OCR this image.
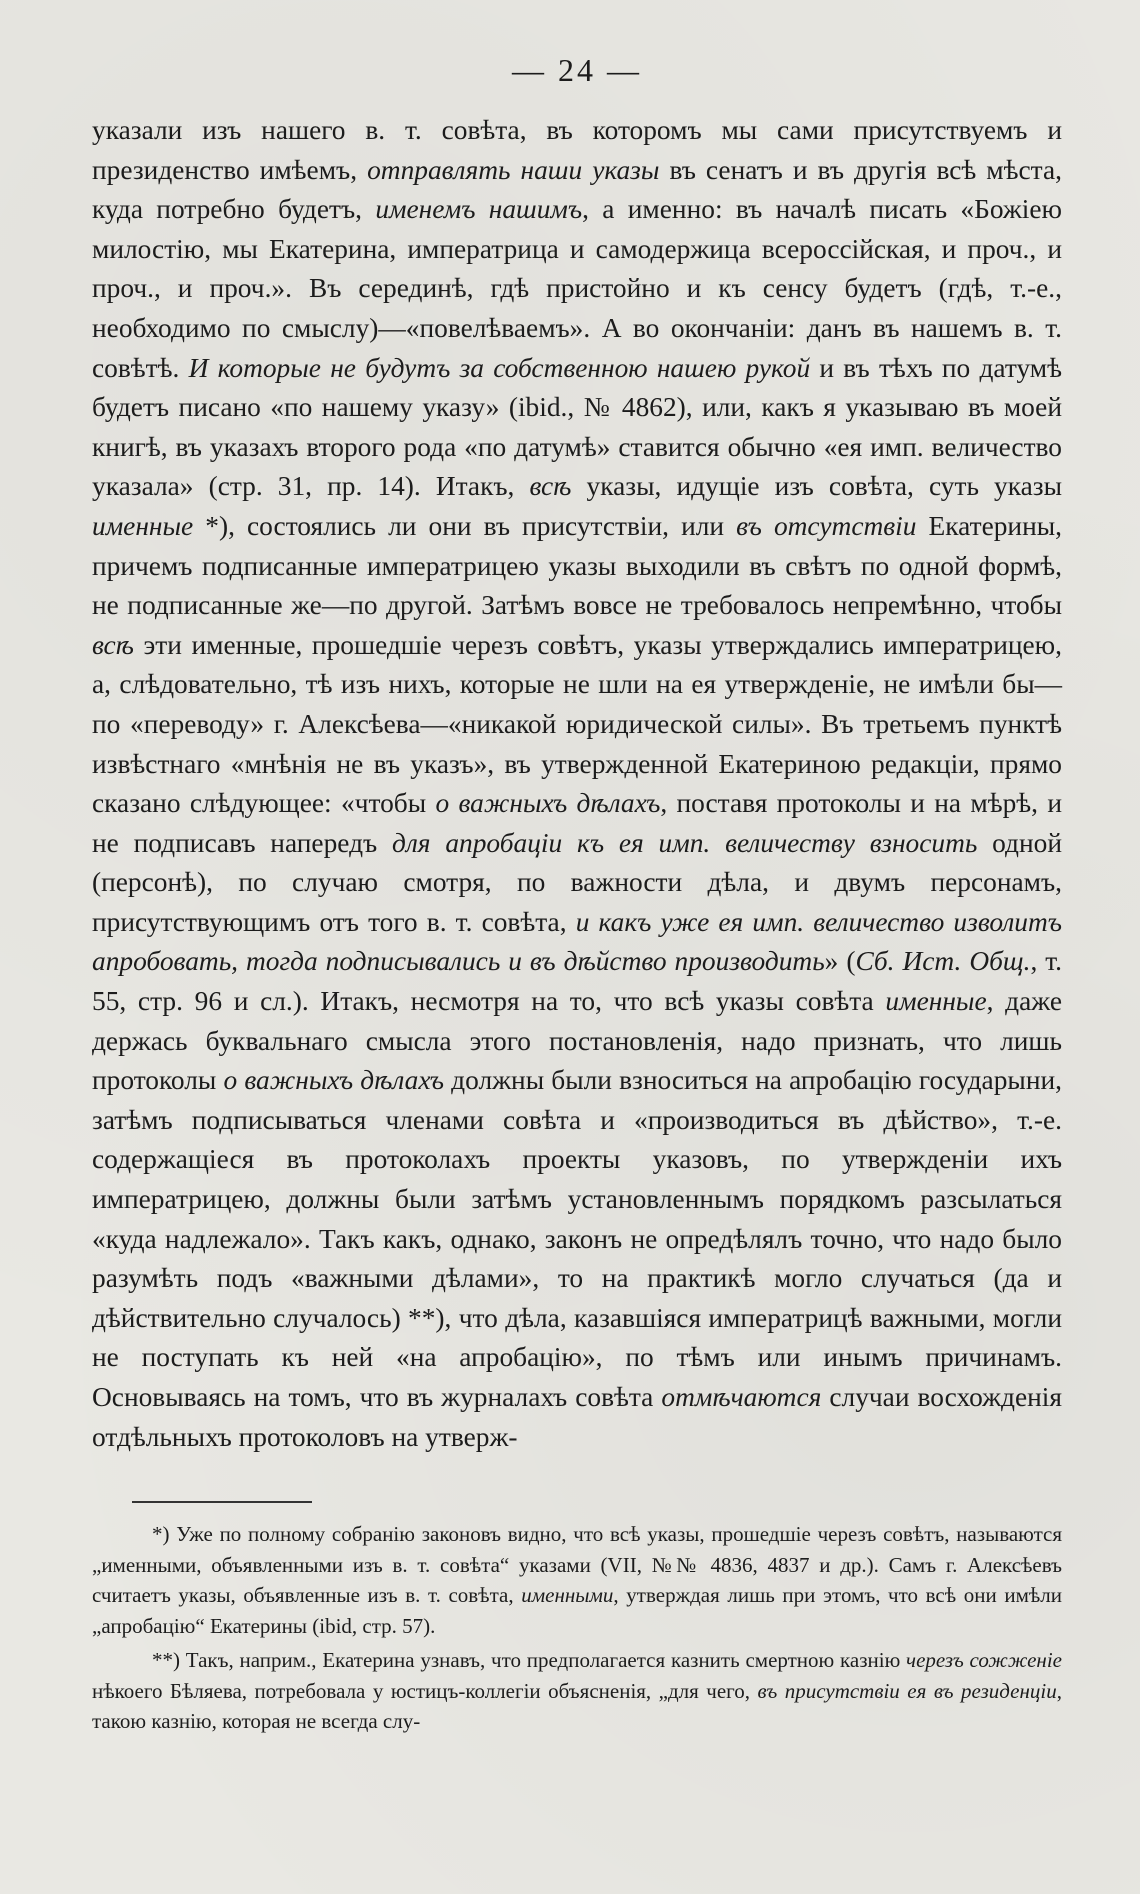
— 24 —

указали изъ нашего в. т. совѣта, въ которомъ мы сами присутствуемъ и президенство имѣемъ, отправлять наши указы въ сенатъ и въ другія всѣ мѣста, куда потребно будетъ, именемъ нашимъ, а именно: въ началѣ писать «Божіею милостію, мы Екатерина, императрица и самодержица всероссійская, и проч., и проч., и проч.». Въ серединѣ, гдѣ пристойно и къ сенсу будетъ (гдѣ, т.-е., необходимо по смыслу)—«повелѣваемъ». А во окончаніи: данъ въ нашемъ в. т. совѣтѣ. И которые не будутъ за собственною нашею рукой и въ тѣхъ по датумѣ будетъ писано «по нашему указу» (ibid., № 4862), или, какъ я указываю въ моей книгѣ, въ указахъ второго рода «по датумѣ» ставится обычно «ея имп. величество указала» (стр. 31, пр. 14). Итакъ, всѣ указы, идущіе изъ совѣта, суть указы именные *), состоялись ли они въ присутствіи, или въ отсутствіи Екатерины, причемъ подписанные императрицею указы выходили въ свѣтъ по одной формѣ, не подписанные же—по другой. Затѣмъ вовсе не требовалось непремѣнно, чтобы всѣ эти именные, прошедшіе черезъ совѣтъ, указы утверждались императрицею, а, слѣдовательно, тѣ изъ нихъ, которые не шли на ея утвержденіе, не имѣли бы—по «переводу» г. Алексѣева—«никакой юридической силы». Въ третьемъ пунктѣ извѣстнаго «мнѣнія не въ указъ», въ утвержденной Екатериною редакціи, прямо сказано слѣдующее: «чтобы о важныхъ дѣлахъ, поставя протоколы и на мѣрѣ, и не подписавъ напередъ для апробаціи къ ея имп. величеству взносить одной (персонѣ), по случаю смотря, по важности дѣла, и двумъ персонамъ, присутствующимъ отъ того в. т. совѣта, и какъ уже ея имп. величество изволитъ апробовать, тогда подписывались и въ дѣйство производить» (Сб. Ист. Общ., т. 55, стр. 96 и сл.). Итакъ, несмотря на то, что всѣ указы совѣта именные, даже держась буквальнаго смысла этого постановленія, надо признать, что лишь протоколы о важныхъ дѣлахъ должны были взноситься на апробацію государыни, затѣмъ подписываться членами совѣта и «производиться въ дѣйство», т.-е. содержащіеся въ протоколахъ проекты указовъ, по утвержденіи ихъ императрицею, должны были затѣмъ установленнымъ порядкомъ разсылаться «куда надлежало». Такъ какъ, однако, законъ не опредѣлялъ точно, что надо было разумѣть подъ «важными дѣлами», то на практикѣ могло случаться (да и дѣйствительно случалось) **), что дѣла, казавшіяся императрицѣ важными, могли не поступать къ ней «на апробацію», по тѣмъ или инымъ причинамъ. Основываясь на томъ, что въ журналахъ совѣта отмѣчаются случаи восхожденія отдѣльныхъ протоколовъ на утверж-

*) Уже по полному собранію законовъ видно, что всѣ указы, прошедшіе черезъ совѣтъ, называются „именными, объявленными изъ в. т. совѣта“ указами (VII, №№ 4836, 4837 и др.). Самъ г. Алексѣевъ считаетъ указы, объявленные изъ в. т. совѣта, именными, утверждая лишь при этомъ, что всѣ они имѣли „апробацію“ Екатерины (ibid, стр. 57).

**) Такъ, наприм., Екатерина узнавъ, что предполагается казнить смертною казнію черезъ сожженіе нѣкоего Бѣляева, потребовала у юстицъ-коллегіи объясненія, „для чего, въ присутствіи ея въ резиденціи, такою казнію, которая не всегда слу-
